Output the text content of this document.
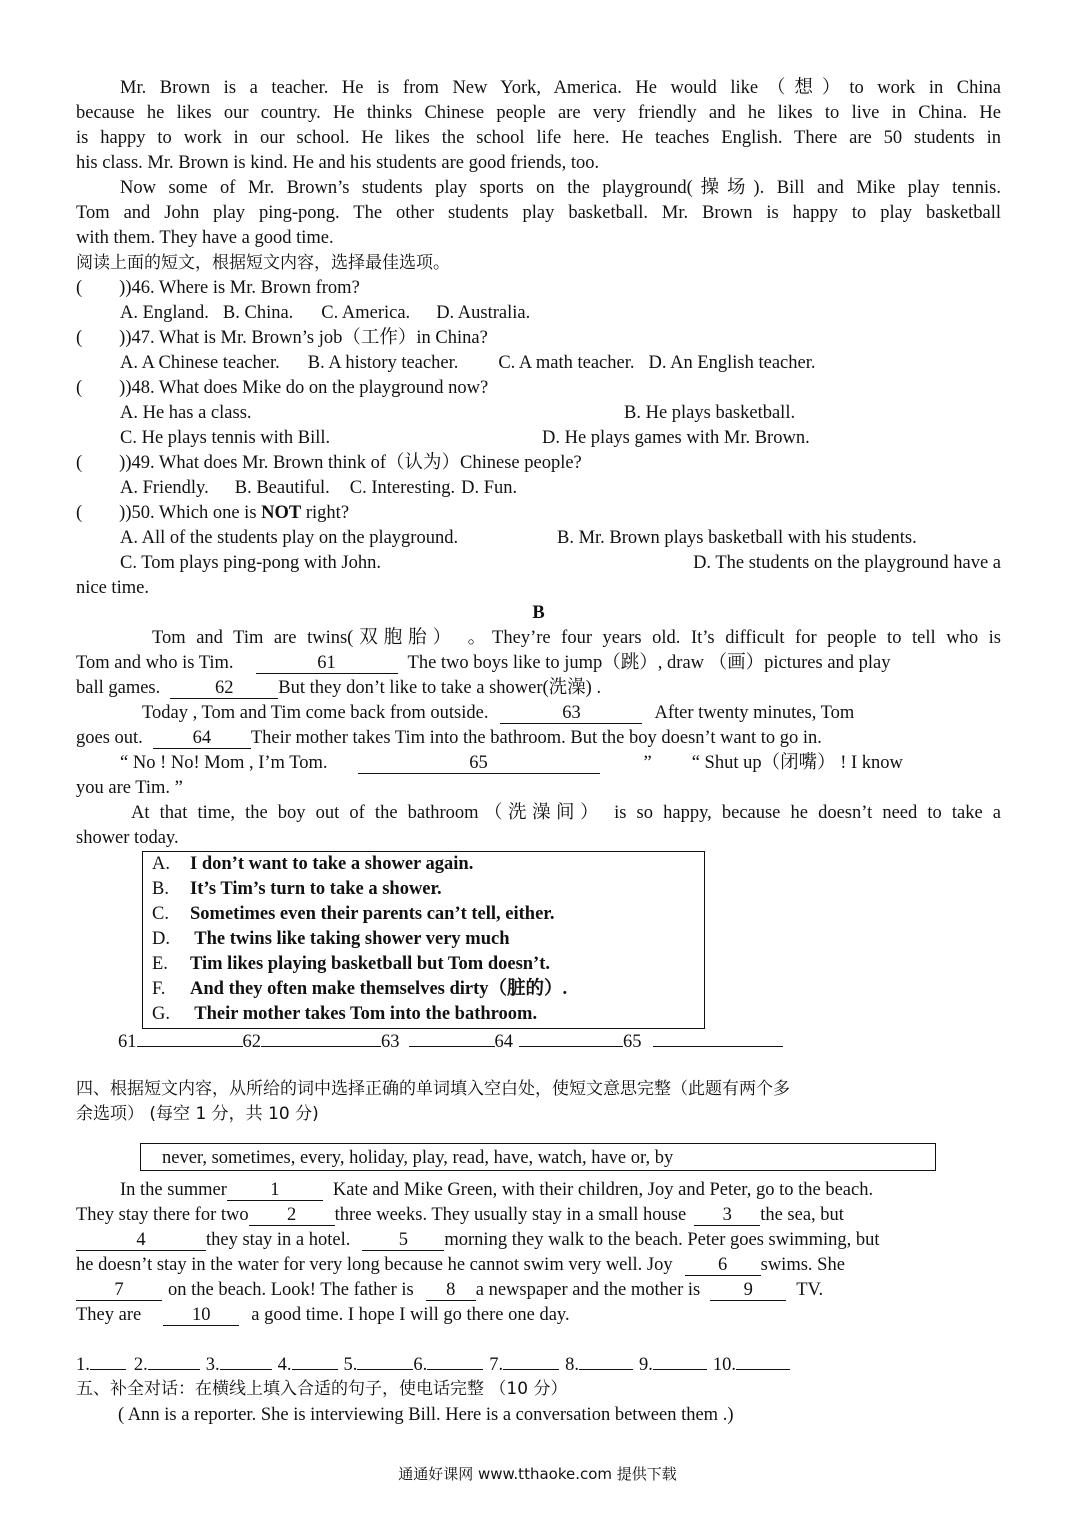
Mr. Brown is a teacher. He is from New York, America. He would like（想）to work in China
because he likes our country. He thinks Chinese people are very friendly and he likes to live in China. He
is happy to work in our school. He likes the school life here. He teaches English. There are 50 students in
his class. Mr. Brown is kind. He and his students are good friends, too.
Now some of Mr. Brown’s students play sports on the playground(操场). Bill and Mike play tennis.
Tom and John play ping-pong. The other students play basketball. Mr. Brown is happy to play basketball
with them. They have a good time.
阅读上面的短文，根据短文内容，选择最佳选项。
(　　))46. Where is Mr. Brown from?
A. England. B. China. C. America. D. Australia.
(　　))47. What is Mr. Brown’s job（工作）in China?
A. A Chinese teacher. B. A history teacher. C. A math teacher. D. An English teacher.
(　　))48. What does Mike do on the playground now?
A. He has a class.	B. He plays basketball.
C. He plays tennis with Bill.	D. He plays games with Mr. Brown.
(　　))49. What does Mr. Brown think of（认为）Chinese people?
A. Friendly. B. Beautiful. C. Interesting. D. Fun.
(　　))50. Which one is NOT right?
A. All of the students play on the playground.	B. Mr. Brown plays basketball with his students.
C. Tom plays ping-pong with John.	D. The students on the playground have a
nice time.
B
Tom and Tim are twins(双胞胎） 。They’re four years old. It’s difficult for people to tell who is
Tom and who is Tim.	61	The two boys like to jump（跳）, draw （画）pictures and play
ball games.	62 But they don’t like to take a shower(洗澡) .
Today , Tom and Tim come back from outside.	63	After twenty minutes, Tom
goes out.	64 Their mother takes Tim into the bathroom. But the boy doesn’t want to go in.
“ No ! No! Mom , I’m Tom.	65	” “ Shut up（闭嘴） ! I know
you are Tim. ”
At that time, the boy out of the bathroom（洗澡间） is so happy, because he doesn’t need to take a
shower today.
A. I don’t want to take a shower again.
B. It’s Tim’s turn to take a shower.
C. Sometimes even their parents can’t tell, either.
D. The twins like taking shower very much
E. Tim likes playing basketball but Tom doesn’t.
F. And they often make themselves dirty（脏的）.
G. Their mother takes Tom into the bathroom.
61	62	63	64	65
四、根据短文内容，从所给的词中选择正确的单词填入空白处，使短文意思完整（此题有两个多
余选项） (每空 1 分，共 10 分)
never, sometimes, every, holiday, play, read, have, watch, have or, by
In the summer 1	Kate and Mike Green, with their children, Joy and Peter, go to the beach.
They stay there for two 2 three weeks. They usually stay in a small house 3 the sea, but
4	they stay in a hotel.	5 morning they walk to the beach. Peter goes swimming, but
he doesn’t stay in the water for very long because he cannot swim very well. Joy 6 swims. She
7 on the beach. Look! The father is 8 a newspaper and the mother is 9 TV.
They are	10 a good time. I hope I will go there one day.
1. 2.	3.	4.	5.	6.	7.	8.	9.	10.
五、补全对话：在横线上填入合适的句子，使电话完整 （10 分）
( Ann is a reporter. She is interviewing Bill. Here is a conversation between them .)
通通好课网 www.tthaoke.com 提供下载
